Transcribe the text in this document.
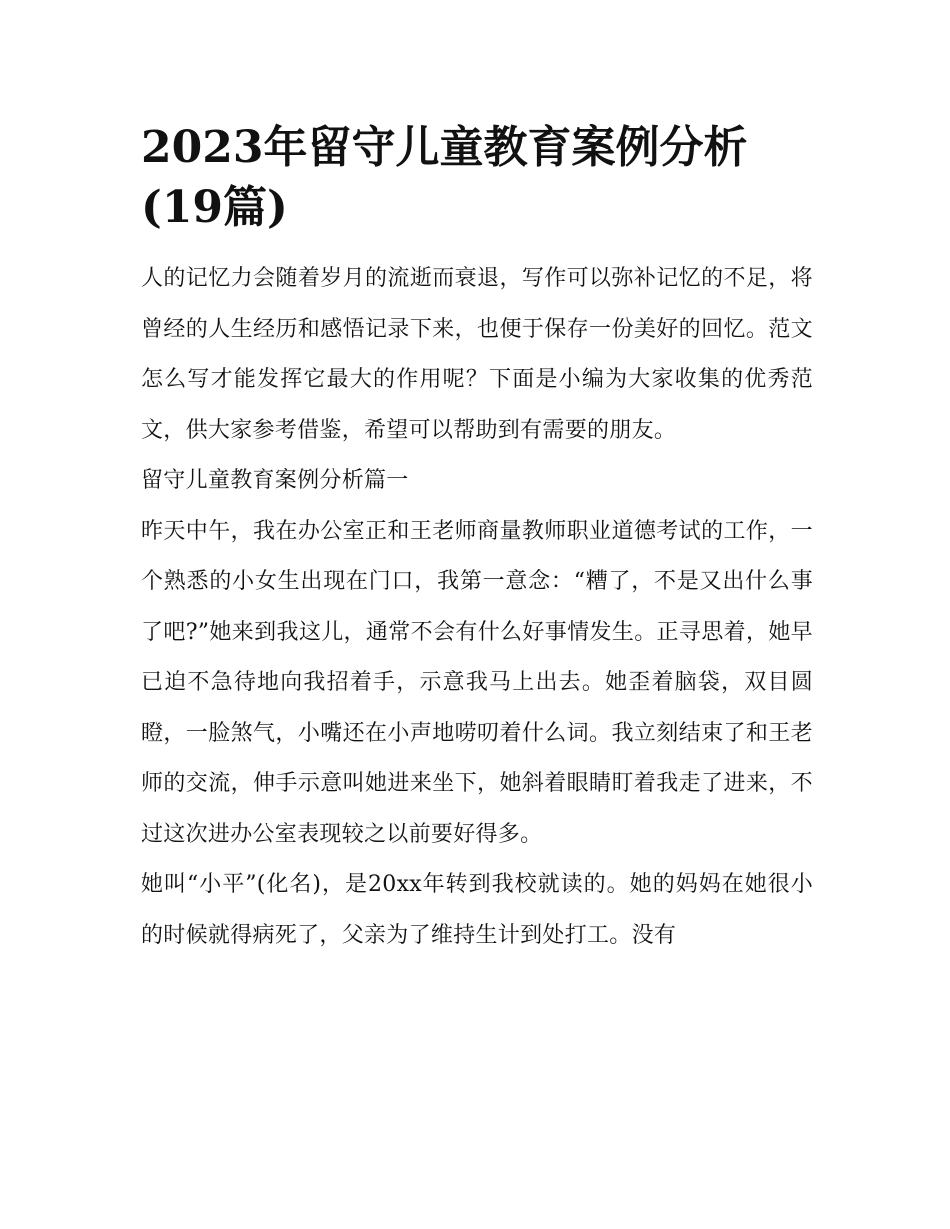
2023年留守儿童教育案例分析
(19篇)

人的记忆力会随着岁月的流逝而衰退，写作可以弥补记忆的不足，将曾经的人生经历和感悟记录下来，也便于保存一份美好的回忆。范文怎么写才能发挥它最大的作用呢？下面是小编为大家收集的优秀范文，供大家参考借鉴，希望可以帮助到有需要的朋友。

留守儿童教育案例分析篇一

昨天中午，我在办公室正和王老师商量教师职业道德考试的工作，一个熟悉的小女生出现在门口，我第一意念：“糟了，不是又出什么事了吧?”她来到我这儿，通常不会有什么好事情发生。正寻思着，她早已迫不急待地向我招着手，示意我马上出去。她歪着脑袋，双目圆瞪，一脸煞气，小嘴还在小声地唠叨着什么词。我立刻结束了和王老师的交流，伸手示意叫她进来坐下，她斜着眼睛盯着我走了进来，不过这次进办公室表现较之以前要好得多。

她叫“小平”(化名)，是20xx年转到我校就读的。她的妈妈在她很小的时候就得病死了，父亲为了维持生计到处打工。没有
